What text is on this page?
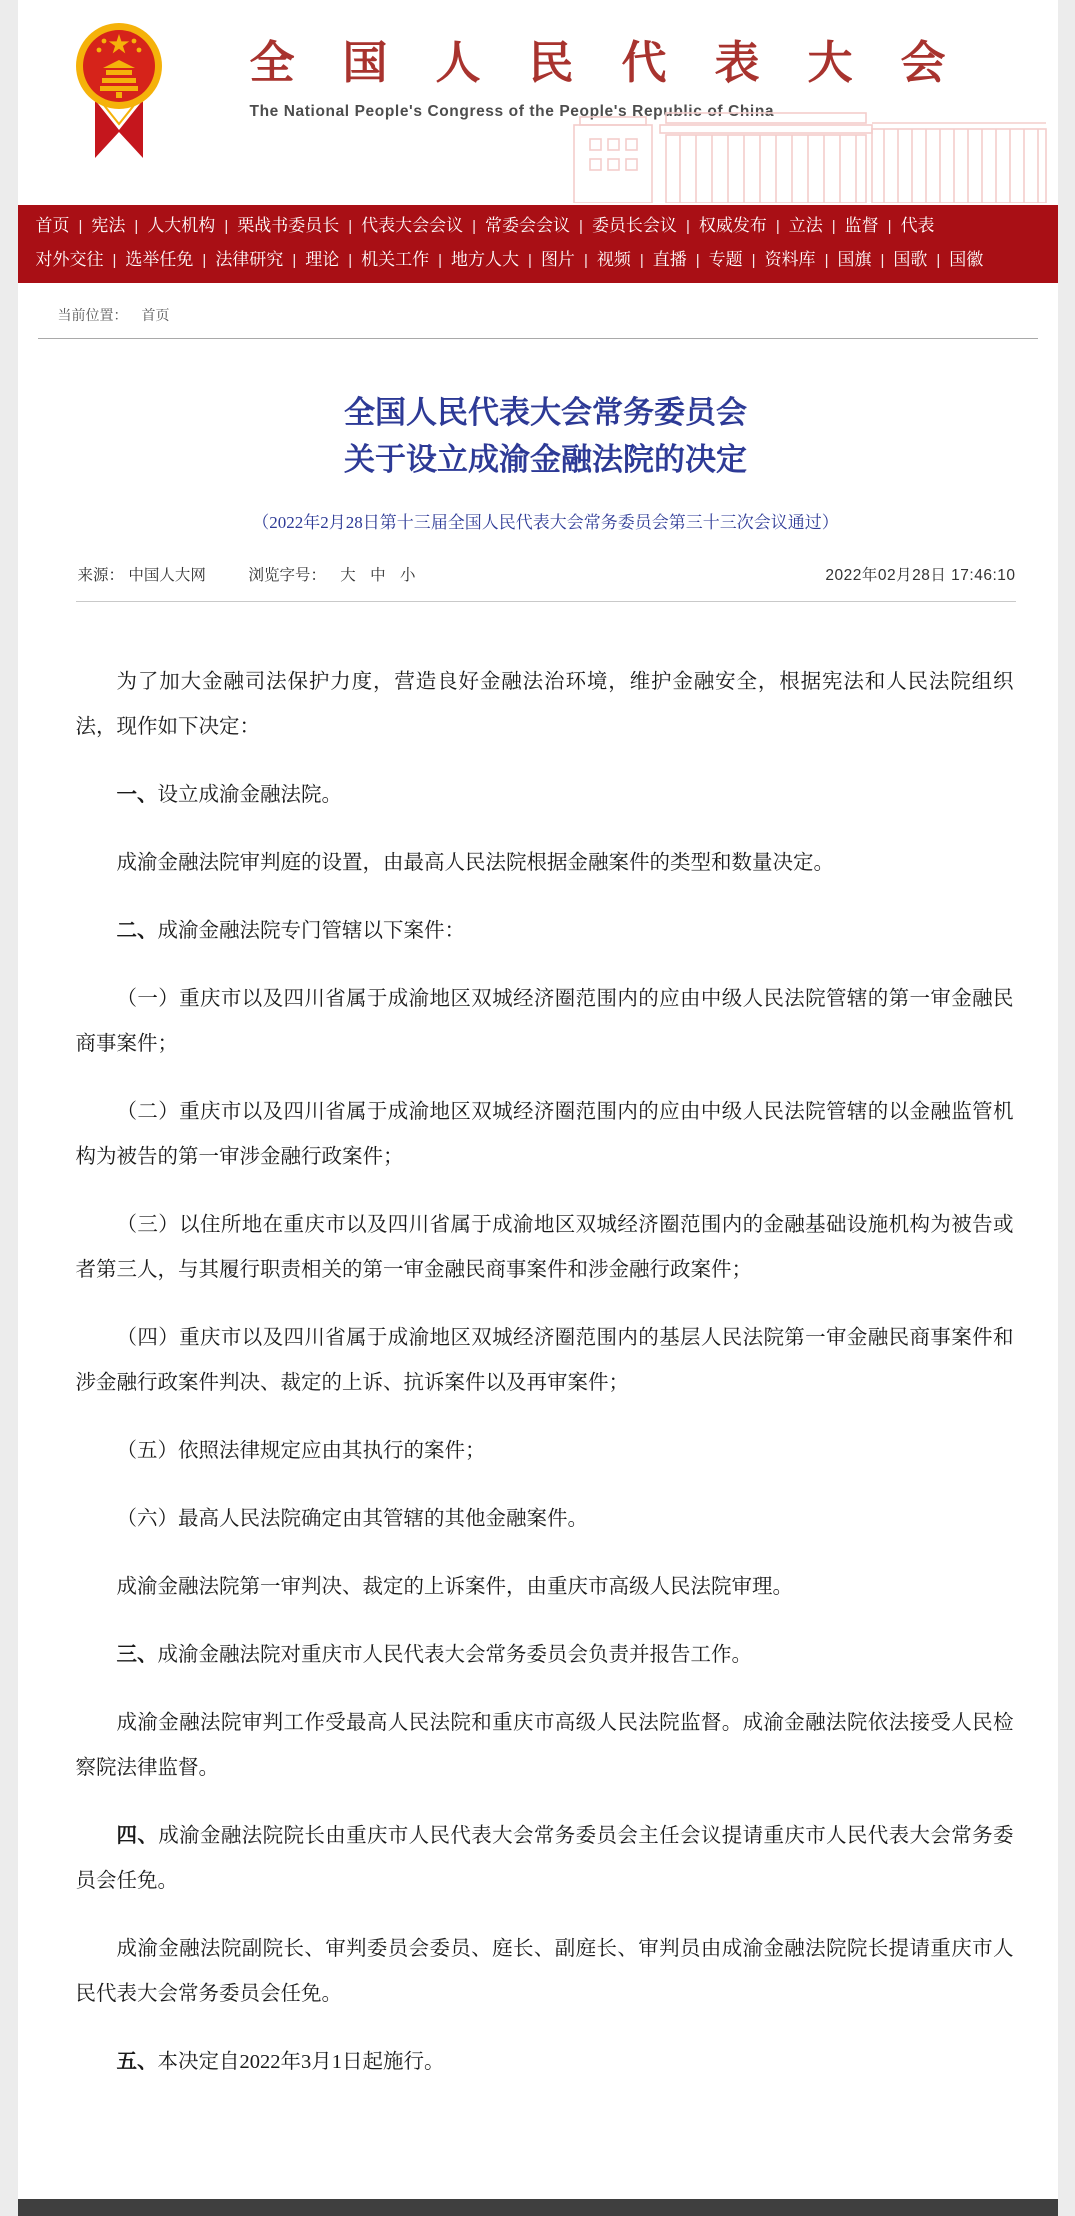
全国人民代表大会
The National People's Congress of the People's Republic of China
首页 | 宪法 | 人大机构 | 栗战书委员长 | 代表大会会议 | 常委会会议 | 委员长会议 | 权威发布 | 立法 | 监督 | 代表
对外交往 | 选举任免 | 法律研究 | 理论 | 机关工作 | 地方人大 | 图片 | 视频 | 直播 | 专题 | 资料库 | 国旗 | 国歌 | 国徽
当前位置： 首页
全国人民代表大会常务委员会
关于设立成渝金融法院的决定
（2022年2月28日第十三届全国人民代表大会常务委员会第三十三次会议通过）
来源： 中国人大网	浏览字号： 大 中 小	2022年02月28日 17:46:10

为了加大金融司法保护力度，营造良好金融法治环境，维护金融安全，根据宪法和人民法院组织法，现作如下决定：

一、设立成渝金融法院。

成渝金融法院审判庭的设置，由最高人民法院根据金融案件的类型和数量决定。

二、成渝金融法院专门管辖以下案件：

（一）重庆市以及四川省属于成渝地区双城经济圈范围内的应由中级人民法院管辖的第一审金融民商事案件；

（二）重庆市以及四川省属于成渝地区双城经济圈范围内的应由中级人民法院管辖的以金融监管机构为被告的第一审涉金融行政案件；

（三）以住所地在重庆市以及四川省属于成渝地区双城经济圈范围内的金融基础设施机构为被告或者第三人，与其履行职责相关的第一审金融民商事案件和涉金融行政案件；

（四）重庆市以及四川省属于成渝地区双城经济圈范围内的基层人民法院第一审金融民商事案件和涉金融行政案件判决、裁定的上诉、抗诉案件以及再审案件；

（五）依照法律规定应由其执行的案件；

（六）最高人民法院确定由其管辖的其他金融案件。

成渝金融法院第一审判决、裁定的上诉案件，由重庆市高级人民法院审理。

三、成渝金融法院对重庆市人民代表大会常务委员会负责并报告工作。

成渝金融法院审判工作受最高人民法院和重庆市高级人民法院监督。成渝金融法院依法接受人民检察院法律监督。

四、成渝金融法院院长由重庆市人民代表大会常务委员会主任会议提请重庆市人民代表大会常务委员会任免。

成渝金融法院副院长、审判委员会委员、庭长、副庭长、审判员由成渝金融法院院长提请重庆市人民代表大会常务委员会任免。

五、本决定自2022年3月1日起施行。
